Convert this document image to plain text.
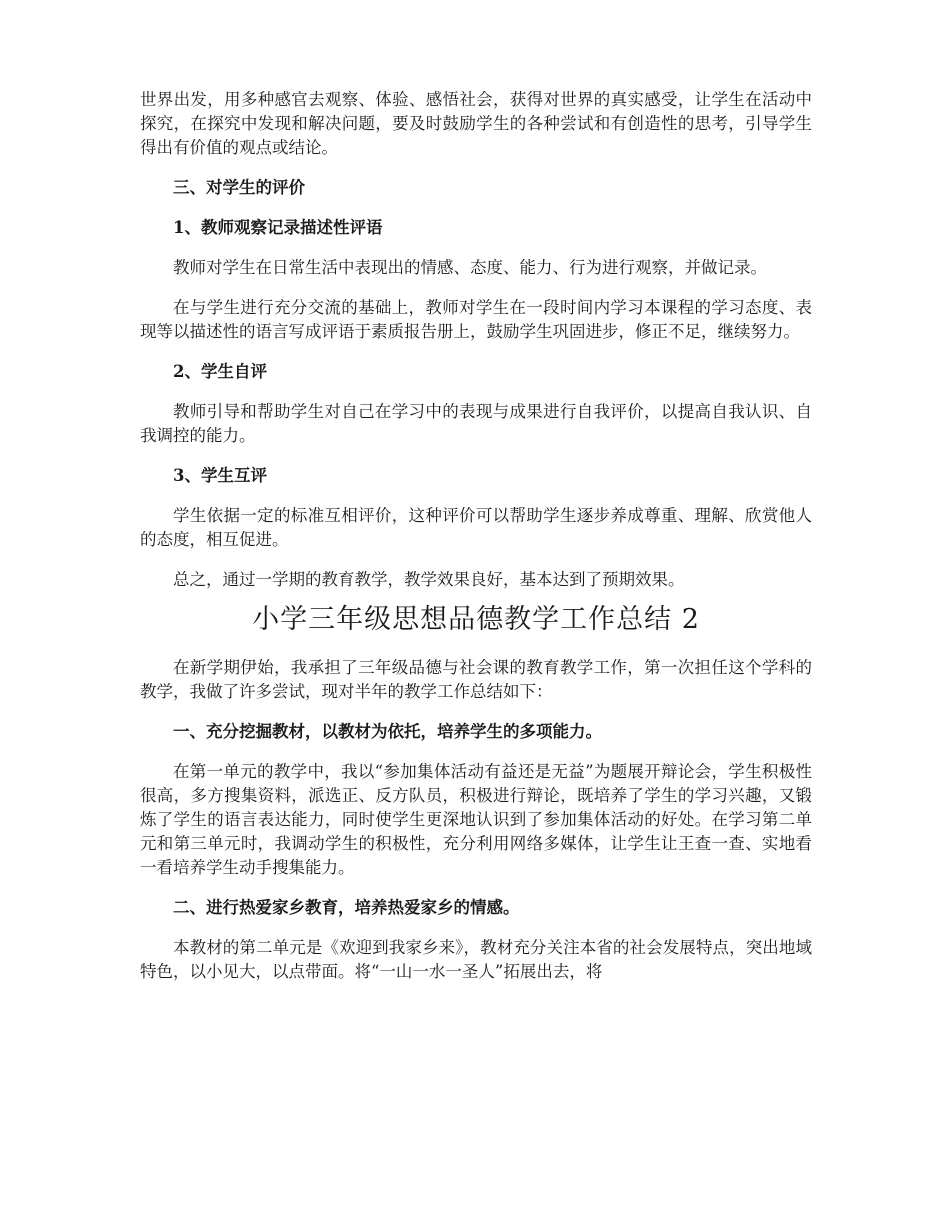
世界出发，用多种感官去观察、体验、感悟社会，获得对世界的真实感受，让学生在活动中探究，在探究中发现和解决问题，要及时鼓励学生的各种尝试和有创造性的思考，引导学生得出有价值的观点或结论。

三、对学生的评价

1、教师观察记录描述性评语

教师对学生在日常生活中表现出的情感、态度、能力、行为进行观察，并做记录。

在与学生进行充分交流的基础上，教师对学生在一段时间内学习本课程的学习态度、表现等以描述性的语言写成评语于素质报告册上，鼓励学生巩固进步，修正不足，继续努力。

2、学生自评

教师引导和帮助学生对自己在学习中的表现与成果进行自我评价，以提高自我认识、自我调控的能力。

3、学生互评

学生依据一定的标准互相评价，这种评价可以帮助学生逐步养成尊重、理解、欣赏他人的态度，相互促进。

总之，通过一学期的教育教学，教学效果良好，基本达到了预期效果。

小学三年级思想品德教学工作总结 2

在新学期伊始，我承担了三年级品德与社会课的教育教学工作，第一次担任这个学科的教学，我做了许多尝试，现对半年的教学工作总结如下：

一、充分挖掘教材，以教材为依托，培养学生的多项能力。

在第一单元的教学中，我以“参加集体活动有益还是无益”为题展开辩论会，学生积极性很高，多方搜集资料，派选正、反方队员，积极进行辩论，既培养了学生的学习兴趣，又锻炼了学生的语言表达能力，同时使学生更深地认识到了参加集体活动的好处。在学习第二单元和第三单元时，我调动学生的积极性，充分利用网络多媒体，让学生让王查一查、实地看一看培养学生动手搜集能力。

二、进行热爱家乡教育，培养热爱家乡的情感。

本教材的第二单元是《欢迎到我家乡来》，教材充分关注本省的社会发展特点，突出地域特色，以小见大，以点带面。将“一山一水一圣人”拓展出去，将
